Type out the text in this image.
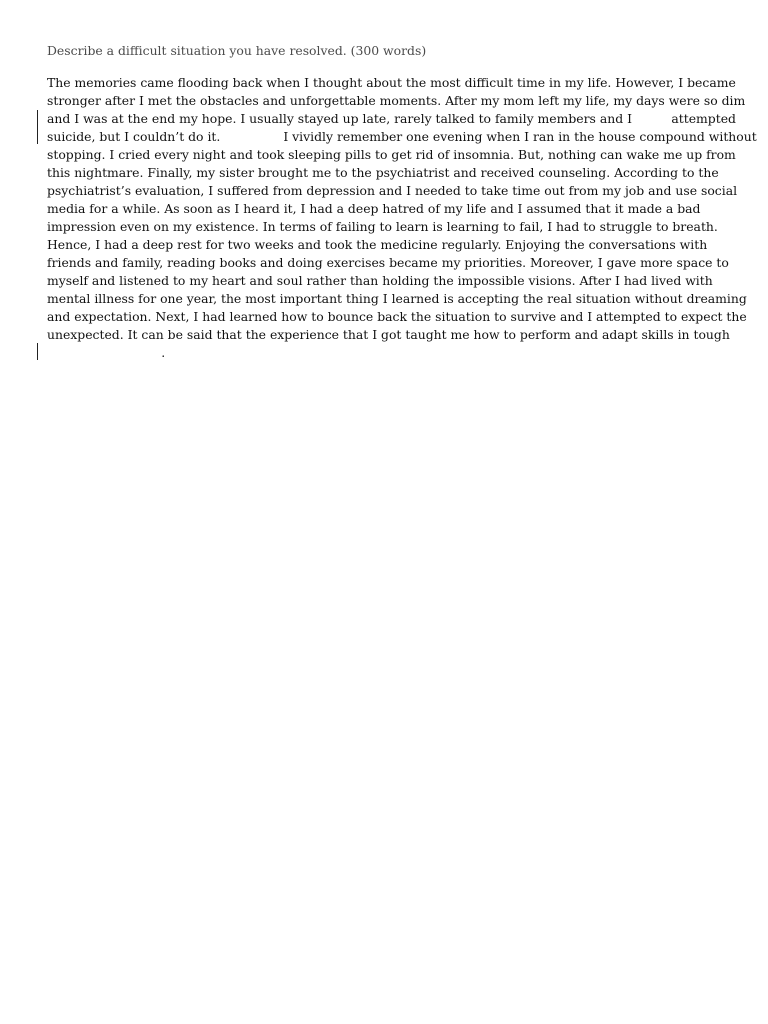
Describe a difficult situation you have resolved. (300 words)
The memories came flooding back when I thought about the most difficult time in my life. However, I became
stronger after I met the obstacles and unforgettable moments. After my mom left my life, my days were so dim
and I was at the end my hope. I usually stayed up late, rarely talked to family members and I          attempted
suicide, but I couldn’t do it.                I vividly remember one evening when I ran in the house compound without
stopping. I cried every night and took sleeping pills to get rid of insomnia. But, nothing can wake me up from
this nightmare. Finally, my sister brought me to the psychiatrist and received counseling. According to the
psychiatrist’s evaluation, I suffered from depression and I needed to take time out from my job and use social
media for a while. As soon as I heard it, I had a deep hatred of my life and I assumed that it made a bad
impression even on my existence. In terms of failing to learn is learning to fail, I had to struggle to breath.
Hence, I had a deep rest for two weeks and took the medicine regularly. Enjoying the conversations with
friends and family, reading books and doing exercises became my priorities. Moreover, I gave more space to
myself and listened to my heart and soul rather than holding the impossible visions. After I had lived with
mental illness for one year, the most important thing I learned is accepting the real situation without dreaming
and expectation. Next, I had learned how to bounce back the situation to survive and I attempted to expect the
unexpected. It can be said that the experience that I got taught me how to perform and adapt skills in tough
.
